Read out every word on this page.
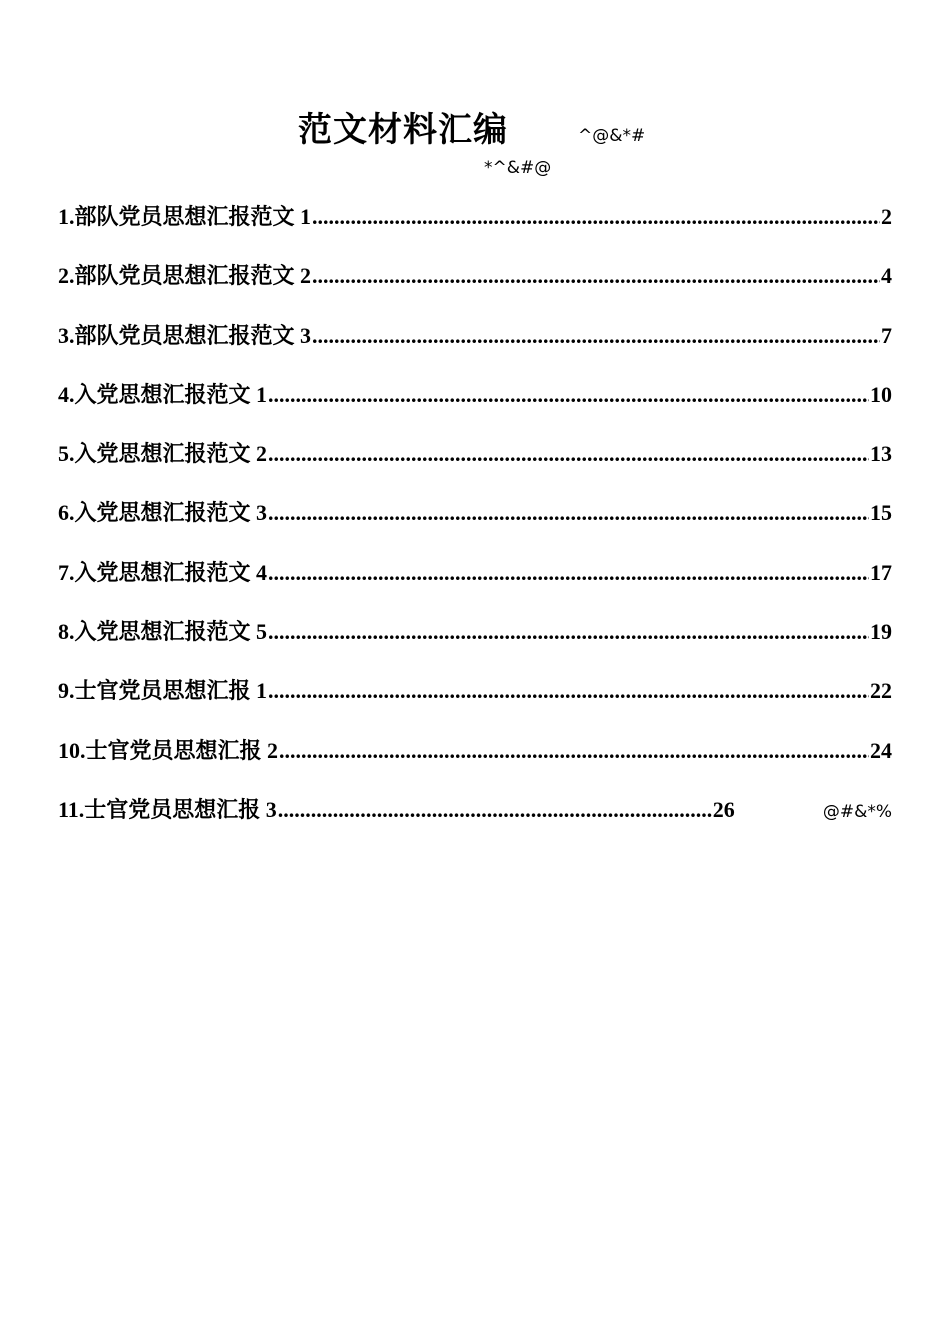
范文材料汇编	^@&*#
*^&#@
1.部队党员思想汇报范文 1 .....	2
2.部队党员思想汇报范文 2 .....	4
3.部队党员思想汇报范文 3 .....	7
4.入党思想汇报范文 1 .....	10
5.入党思想汇报范文 2 .....	13
6.入党思想汇报范文 3 .....	15
7.入党思想汇报范文 4 .....	17
8.入党思想汇报范文 5 .....	19
9.士官党员思想汇报 1 .....	22
10.士官党员思想汇报 2 .....	24
11.士官党员思想汇报 3 .....	26	@#&*%
